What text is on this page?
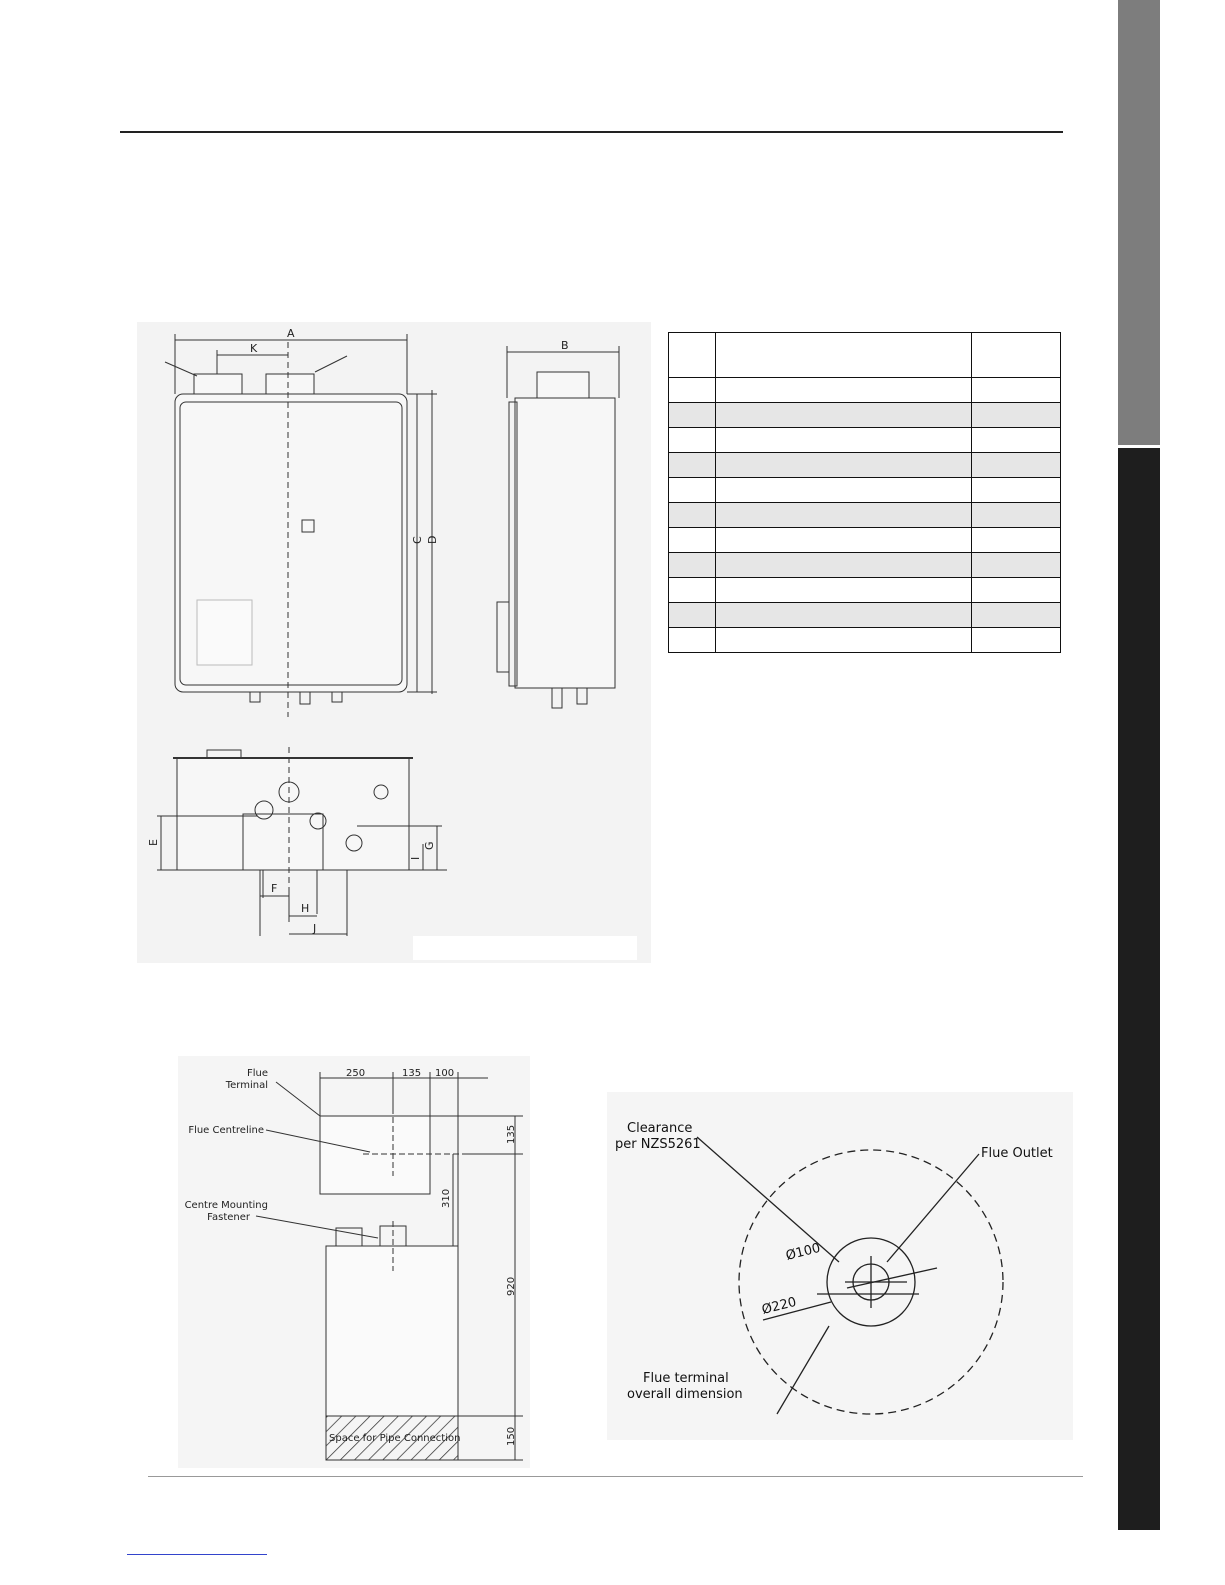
A
K
C D
B
E	G
I
F
H
J

250	135 100
135
310
920
150
Space for Pipe Connection
Flue Terminal
Flue Centreline
Centre Mounting Fastener
Clearance per NZS5261
Flue Outlet
Ø100
Ø220
Flue terminal overall dimension
